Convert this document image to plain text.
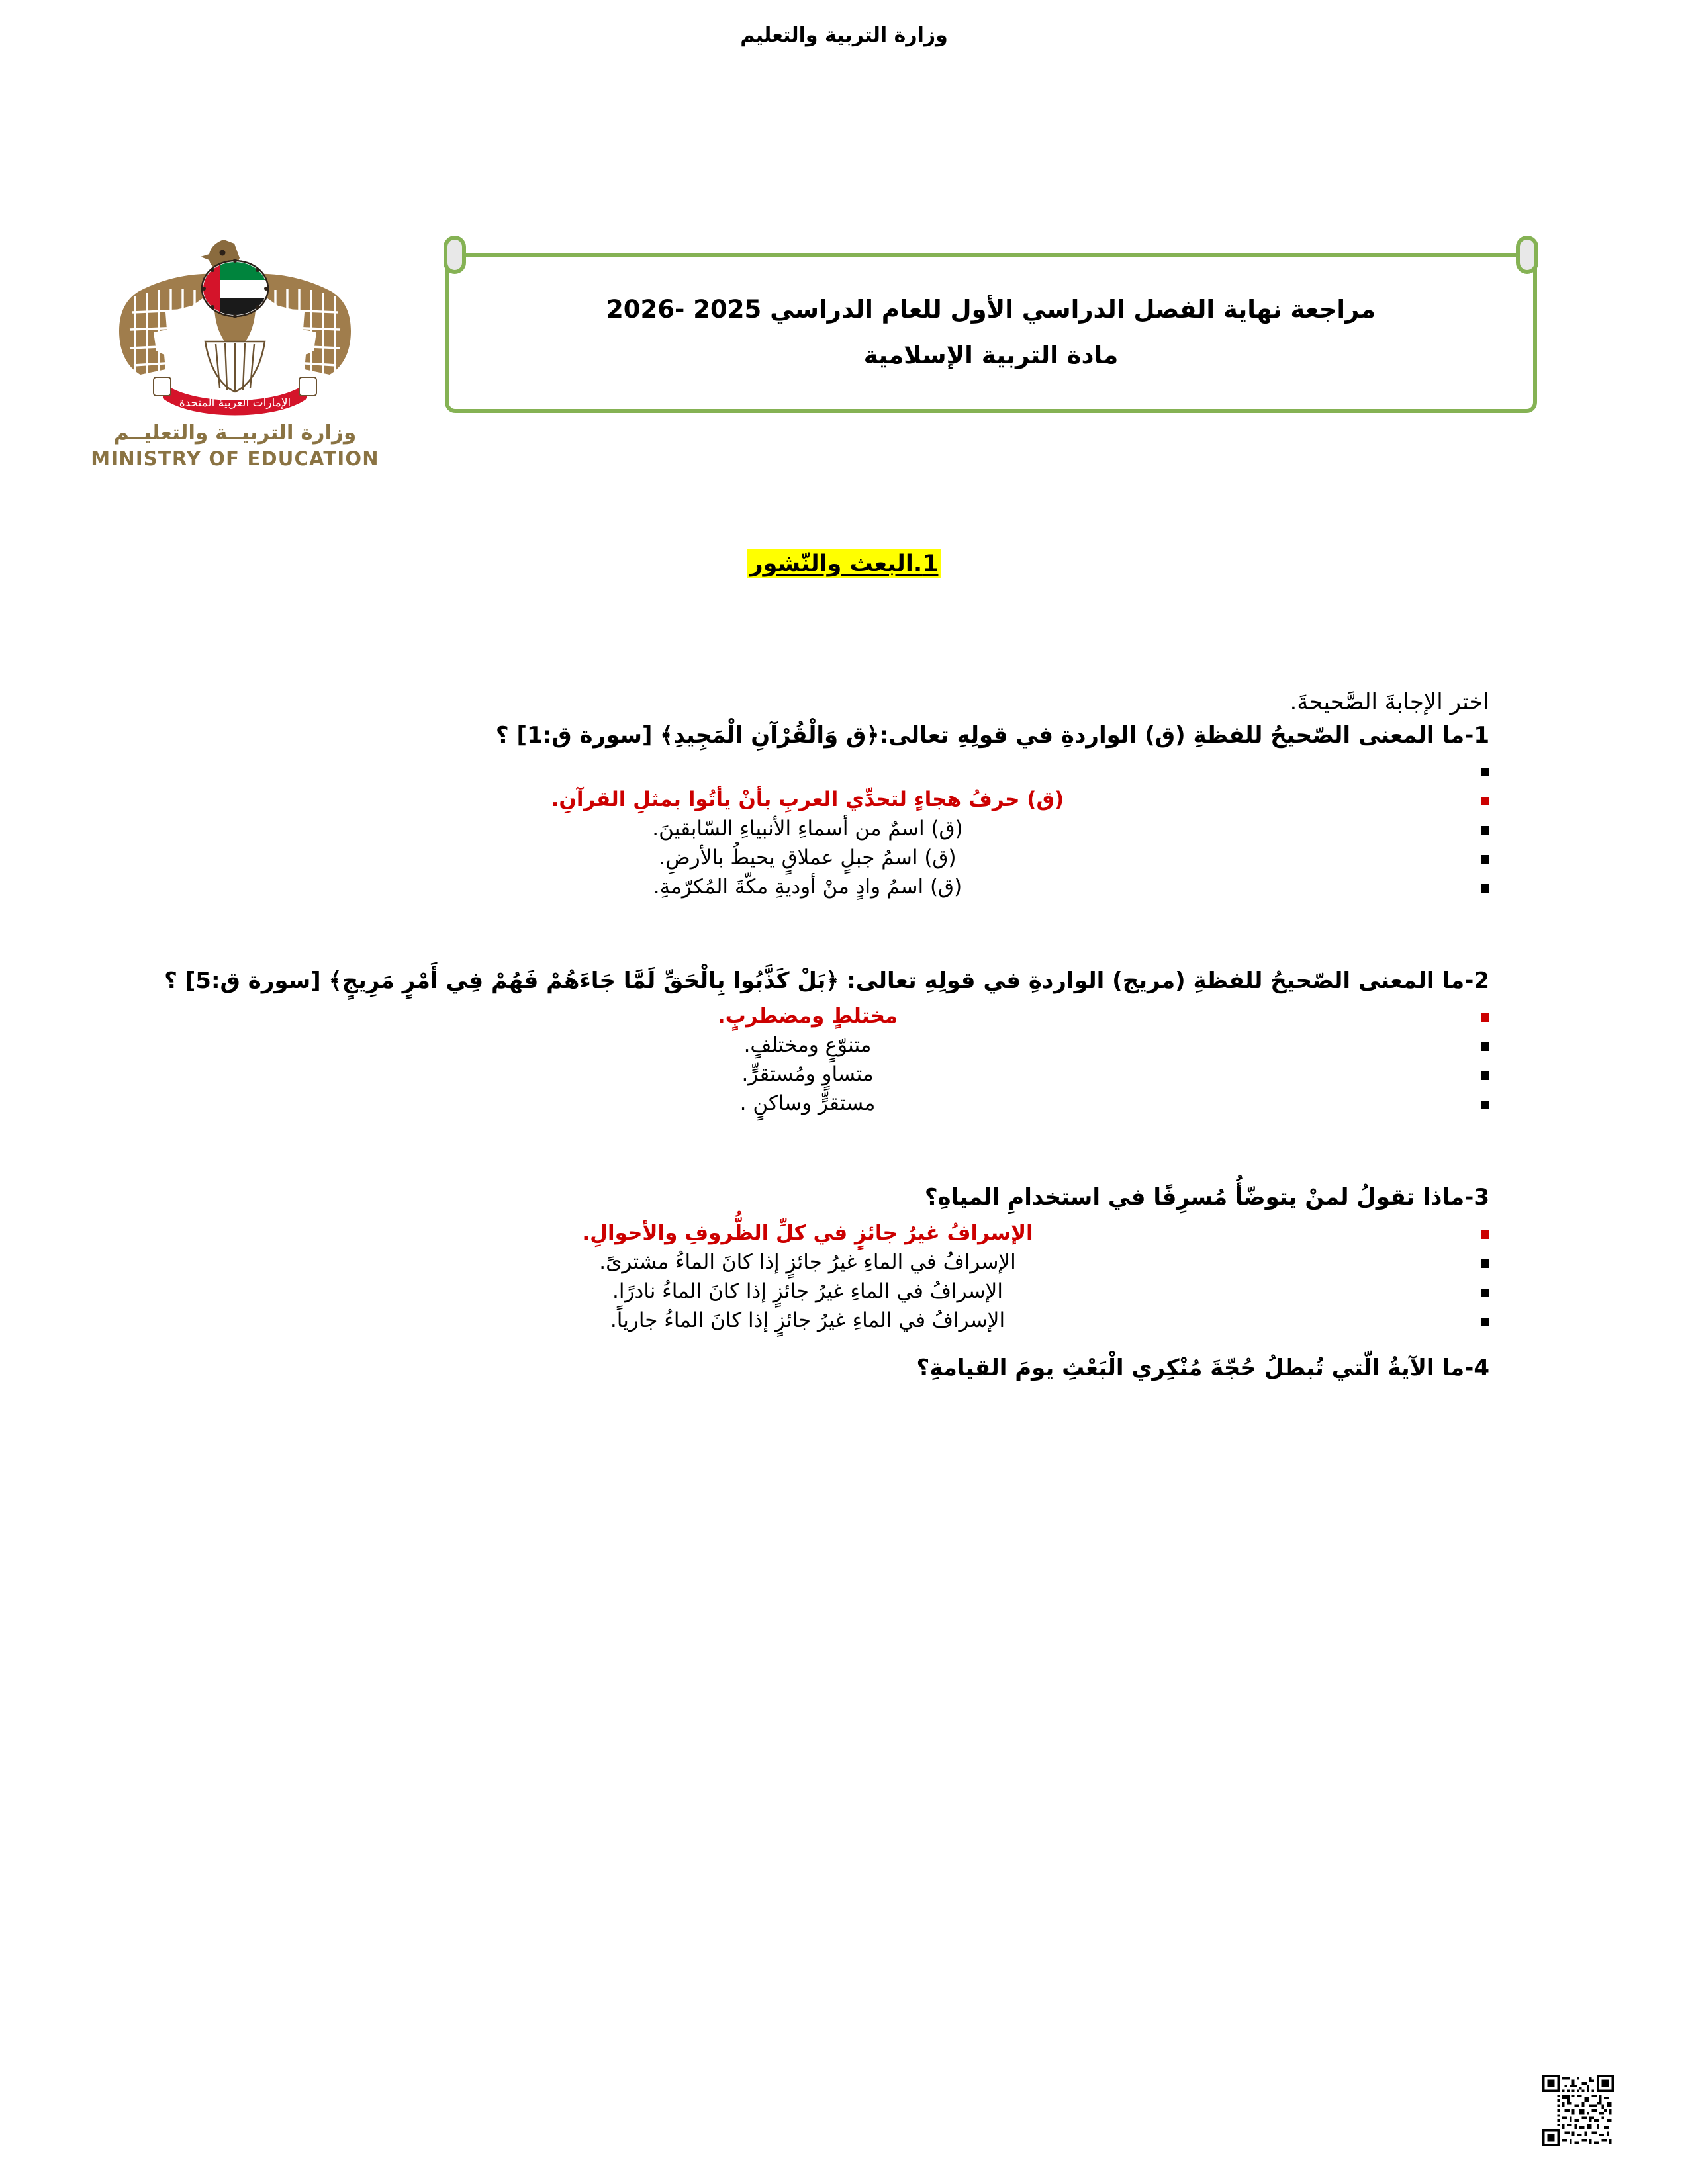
وزارة التربية والتعليم
الإمارات العربية المتحدة
وزارة التربيــة والتعليــم
MINISTRY OF EDUCATION
مراجعة نهاية الفصل الدراسي الأول للعام الدراسي 2025 -2026
مادة التربية الإسلامية
1.البعث والنّشور

اختر الإجابةَ الصَّحيحةَ.

1-ما المعنى الصّحيحُ للفظةِ (ق) الواردةِ في قولِهِ تعالى:﴿ق وَالْقُرْآنِ الْمَجِيدِ﴾ [سورة ق:1] ؟

(ق) حرفُ هجاءٍ لتحدِّي العربِ بأنْ يأتُوا بمثلِ القرآنِ.
(ق) اسمٌ من أسماءِ الأنبياءِ السّابقينَ.
(ق) اسمُ جبلٍ عملاقٍ يحيطُ بالأرضِ.
(ق) اسمُ وادٍ منْ أوديةِ مكّةَ المُكرّمةِ.

2-ما المعنى الصّحيحُ للفظةِ (مريج) الواردةِ في قولِهِ تعالى: ﴿بَلْ كَذَّبُوا بِالْحَقِّ لَمَّا جَاءَهُمْ فَهُمْ فِي أَمْرٍ مَرِيجٍ﴾ [سورة ق:5] ؟

مختلطٍ ومضطربٍ.
متنوّعٍ ومختلفٍ.
متساوٍ ومُستقرٍّ.
مستقرٍّ وساكنٍ .

3-ماذا تقولُ لمنْ يتوضّأُ مُسرِفًا في استخدامِ المياهِ؟

الإسرافُ غيرُ جائزٍ في كلِّ الظُّروفِ والأحوالِ.
الإسرافُ في الماءِ غيرُ جائزٍ إذا كانَ الماءُ مشترىً.
الإسرافُ في الماءِ غيرُ جائزٍ إذا كانَ الماءُ نادرًا.
الإسرافُ في الماءِ غيرُ جائزٍ إذا كانَ الماءُ جارياً.

4-ما الآيةُ الّتي تُبطلُ حُجّةَ مُنْكِري الْبَعْثِ يومَ القيامةِ؟
